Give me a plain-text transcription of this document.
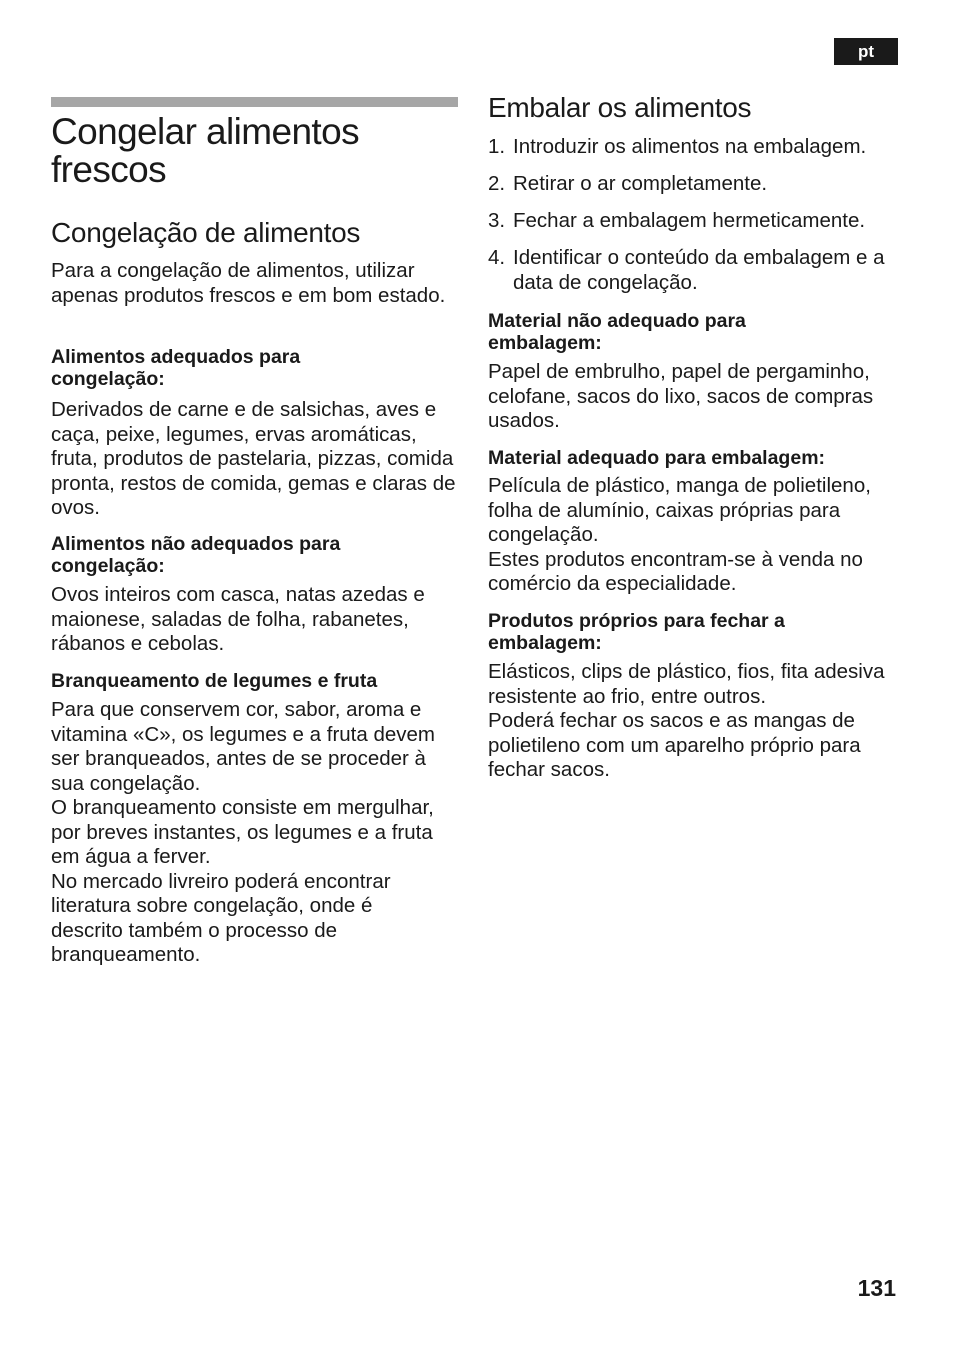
pt
Congelar alimentos frescos
Congelação de alimentos

Para a congelação de alimentos, utilizar apenas produtos frescos e em bom estado.

Alimentos adequados para congelação:

Derivados de carne e de salsichas, aves e caça, peixe, legumes, ervas aromáticas, fruta, produtos de pastelaria, pizzas, comida pronta, restos de comida, gemas e claras de ovos.

Alimentos não adequados para congelação:

Ovos inteiros com casca, natas azedas e maionese, saladas de folha, rabanetes, rábanos e cebolas.

Branqueamento de legumes e fruta

Para que conservem cor, sabor, aroma e vitamina «C», os legumes e a fruta devem ser branqueados, antes de se proceder à sua congelação.
O branqueamento consiste em mergulhar, por breves instantes, os legumes e a fruta em água a ferver.
No mercado livreiro poderá encontrar literatura sobre congelação, onde é descrito também o processo de branqueamento.

Embalar os alimentos
1. Introduzir os alimentos na embalagem.
2. Retirar o ar completamente.
3. Fechar a embalagem hermeticamente.
4. Identificar o conteúdo da embalagem e a data de congelação.
Material não adequado para embalagem:

Papel de embrulho, papel de pergaminho, celofane, sacos do lixo, sacos de compras usados.

Material adequado para embalagem:

Película de plástico, manga de polietileno, folha de alumínio, caixas próprias para congelação.
Estes produtos encontram-se à venda no comércio da especialidade.

Produtos próprios para fechar a embalagem:

Elásticos, clips de plástico, fios, fita adesiva resistente ao frio, entre outros.
Poderá fechar os sacos e as mangas de polietileno com um aparelho próprio para fechar sacos.

131
